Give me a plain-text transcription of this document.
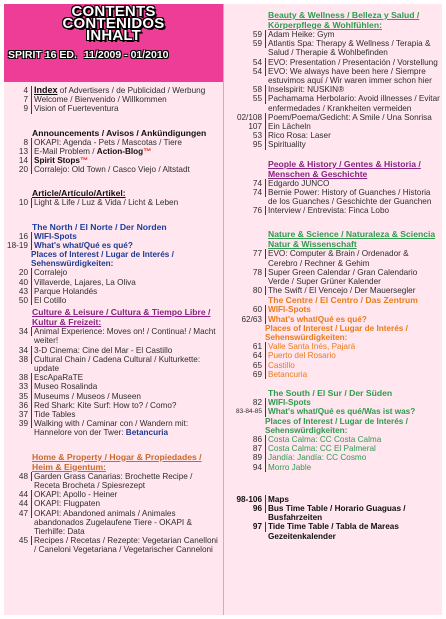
CONTENTS
CONTENIDOS
INHALT
SPIRIT 16 ED. 11/2009 - 01/2010
4 Index of Advertisers / de Publicidad / Werbung
7 Welcome / Bienvenido / Willkommen
9 Vision of Fuerteventura
Announcements / Avisos / Ankündigungen
8 OKAPI: Agenda - Pets / Mascotas / Tiere
13 E-Mail Problem / Action-Blog™
14 Spirit Stops™
20 Corralejo: Old Town / Casco Viejo / Altstadt
Article/Artículo/Artikel:
10 Light & Life / Luz & Vida / Licht & Leben
The North / El Norte / Der Norden
16 WIFI-Spots
18-19 What's what/Qué es qué?
Places of Interest / Lugar de Interés / Sehenswürdigkeiten:
20 Corralejo
40 Villaverde, Lajares, La Oliva
43 Parque Holandés
50 El Cotillo
Culture & Leisure / Cultura & Tiempo Libre / Kultur & Freizeit:
34 Animal Experience: Moves on! / Continua! / Macht weiter!
34 3-D Cinema: Cine del Mar - El Castillo
38 Cultural Chain / Cadena Cultural / Kulturkette: update
38 EscApaRaTE
33 Museo Rosalinda
35 Museums / Museos / Museen
36 Red Shark: Kite Surf: How to? / Como?
37 Tide Tables
39 Walking with / Caminar con / Wandern mit: Hannelore von der Twer: Betancuria
Home & Property / Hogar & Propiedades / Heim & Eigentum:
48 Garden Grass Canarias: Brochette Recipe / Receta Brocheta / Spiesrezept
44 OKAPI: Apollo - Heiner
44 OKAPI: Flugpaten
47 OKAPI: Abandoned animals / Animales abandonados Zugelaufene Tiere - OKAPI & Tierhilfe: Data
45 Recipes / Recetas / Rezepte: Vegetarian Canelloni / Caneloni Vegetariana / Vegetarischer Canneloni
Beauty & Wellness / Belleza y Salud / Körperpflege & Wohlfühlen:
59 Adam Heike: Gym
59 Atlantis Spa: Therapy & Wellness / Terapia & Salud / Therapie & Wohlbefinden
54 EVO: Presentation / Presentación / Vorstellung
54 EVO: We always have been here / Siempre estuvimos aquí / Wir waren immer schon hier
58 Inselspirit: NUSKIN®
55 Pachamama Herbolario: Avoid illnesses / Evitar enfermedades / Krankheiten vermeiden
02/108 Poem/Poema/Gedicht: A Smile / Una Sonrisa
107 Ein Lächeln
53 Rico Rosa: Laser
95 Spirituality
People & History / Gentes & Historia / Menschen & Geschichte
74 Edgardo JUNCO
74 Bernie Power: History of Guanches / Historia de los Guanches / Geschichte der Guanchen
76 Interview / Entrevista: Finca Lobo
Nature & Science / Naturaleza & Sciencia Natur & Wissenschaft
77 EVO: Computer & Brain / Ordenador & Cerebro / Rechner & Gehim
78 Super Green Calendar / Gran Calendario Verde / Super Grüner Kalender
80 The Swift / El Vencejo / Der Mauersegler
The Centre / El Centro / Das Zentrum
60 WIFI-Spots
62/63 What's what/Qué es qué?
Places of Interest / Lugar de Interés / Sehenswürdigkeiten:
61 Valle Santa Inés, Pajará
64 Puerto del Rosario
65 Castillo
69 Betancuria
The South / El Sur / Der Süden
82 WIFI-Spots
83-84-85 What's what/Qué es qué/Was ist was?
Places of Interest / Lugar de Interés / Sehenswürdigkeiten:
86 Costa Calma: CC Costa Calma
87 Costa Calma: CC El Palmeral
89 Jandía: Jandía: CC Cosmo
94 Morro Jable
98-106 Maps
96 Bus Time Table / Horario Guaguas / Busfahrzeiten
97 Tide Time Table / Tabla de Mareas Gezeitenkalender
